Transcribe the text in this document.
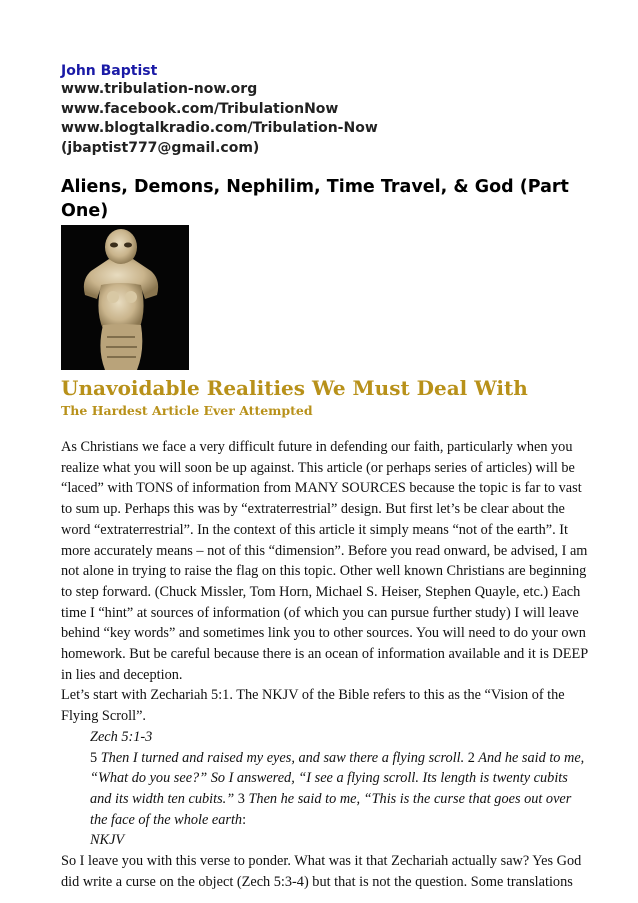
John Baptist
www.tribulation-now.org
www.facebook.com/TribulationNow
www.blogtalkradio.com/Tribulation-Now
(jbaptist777@gmail.com)
Aliens, Demons, Nephilim, Time Travel, & God (Part One)
Unavoidable Realities We Must Deal With
The Hardest Article Ever Attempted

As Christians we face a very difficult future in defending our faith, particularly when you realize what you will soon be up against. This article (or perhaps series of articles) will be “laced” with TONS of information from MANY SOURCES because the topic is far to vast to sum up. Perhaps this was by “extraterrestrial” design. But first let’s be clear about the word “extraterrestrial”. In the context of this article it simply means “not of the earth”. It more accurately means – not of this “dimension”. Before you read onward, be advised, I am not alone in trying to raise the flag on this topic. Other well known Christians are beginning to step forward. (Chuck Missler, Tom Horn, Michael S. Heiser, Stephen Quayle, etc.) Each time I “hint” at sources of information (of which you can pursue further study) I will leave behind “key words” and sometimes link you to other sources. You will need to do your own homework. But be careful because there is an ocean of information available and it is DEEP in lies and deception.

Let’s start with Zechariah 5:1. The NKJV of the Bible refers to this as the “Vision of the Flying Scroll”.

Zech 5:1-3
5 Then I turned and raised my eyes, and saw there a flying scroll. 2 And he said to me, “What do you see?” So I answered, “I see a flying scroll. Its length is twenty cubits and its width ten cubits.” 3 Then he said to me, “This is the curse that goes out over the face of the whole earth:
NKJV

So I leave you with this verse to ponder. What was it that Zechariah actually saw? Yes God did write a curse on the object (Zech 5:3-4) but that is not the question. Some translations
